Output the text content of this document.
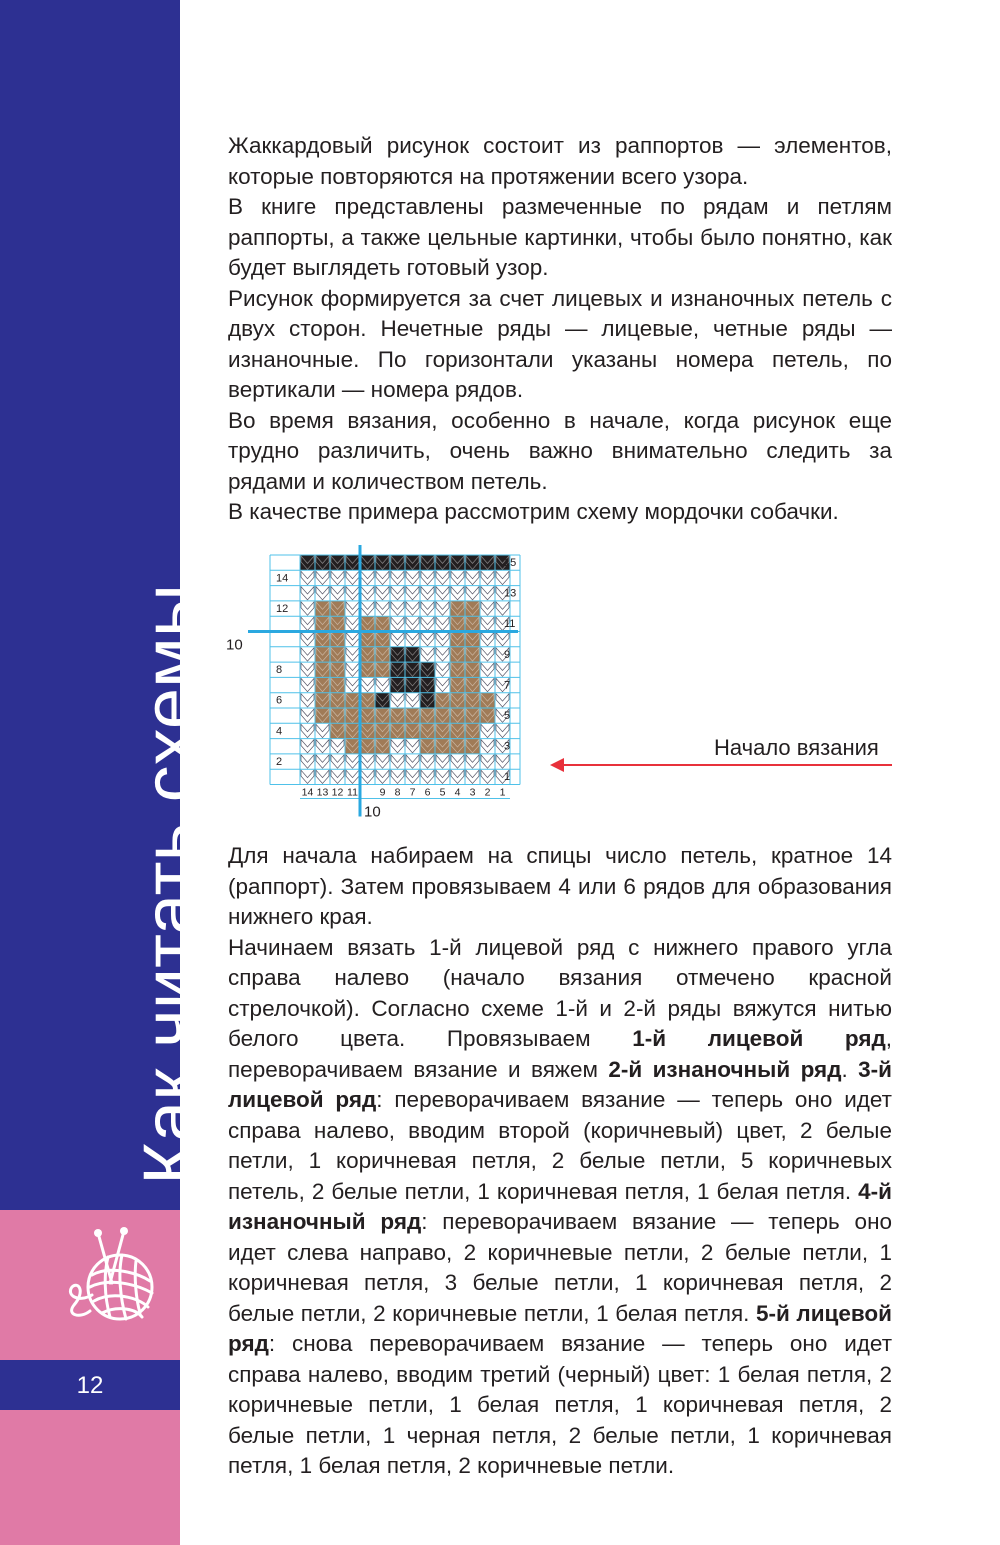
Как читать схемы
12

Жаккардовый рисунок состоит из раппортов — элементов, которые повторяются на протяжении всего узора.

В книге представлены размеченные по рядам и петлям раппорты, а также цельные картинки, чтобы было понятно, как будет выглядеть готовый узор.

Рисунок формируется за счет лицевых и изнаночных петель с двух сторон. Нечетные ряды — лицевые, четные ряды — изнаночные. По горизонтали указаны номера петель, по вертикали — номера рядов.

Во время вязания, особенно в начале, когда рисунок еще трудно различить, очень важно внимательно следить за рядами и количеством петель.

В качестве примера рассмотрим схему мордочки собачки.

1
3
5
7
9
11
13
15
2
4
6
8
12
14
14 13 12 11 9 8 7 6 5 4 3 2 1
10
10
Начало вязания

Для начала набираем на спицы число петель, кратное 14 (раппорт). Затем провязываем 4 или 6 рядов для образования нижнего края.

Начинаем вязать 1-й лицевой ряд с нижнего правого угла справа налево (начало вязания отмечено красной стрелочкой). Согласно схеме 1-й и 2-й ряды вяжутся нитью белого цвета. Провязываем 1-й лицевой ряд, переворачиваем вязание и вяжем 2-й изнаночный ряд. 3-й лицевой ряд: переворачиваем вязание — теперь оно идет справа налево, вводим второй (коричневый) цвет, 2 белые петли, 1 коричневая петля, 2 белые петли, 5 коричневых петель, 2 белые петли, 1 коричневая петля, 1 белая петля. 4-й изнаночный ряд: переворачиваем вязание — теперь оно идет слева направо, 2 коричневые петли, 2 белые петли, 1 коричневая петля, 3 белые петли, 1 коричневая петля, 2 белые петли, 2 коричневые петли, 1 белая петля. 5-й лицевой ряд: снова переворачиваем вязание — теперь оно идет справа налево, вводим третий (черный) цвет: 1 белая петля, 2 коричневые петли, 1 белая петля, 1 коричневая петля, 2 белые петли, 1 черная петля, 2 белые петли, 1 коричневая петля, 1 белая петля, 2 коричневые петли.
